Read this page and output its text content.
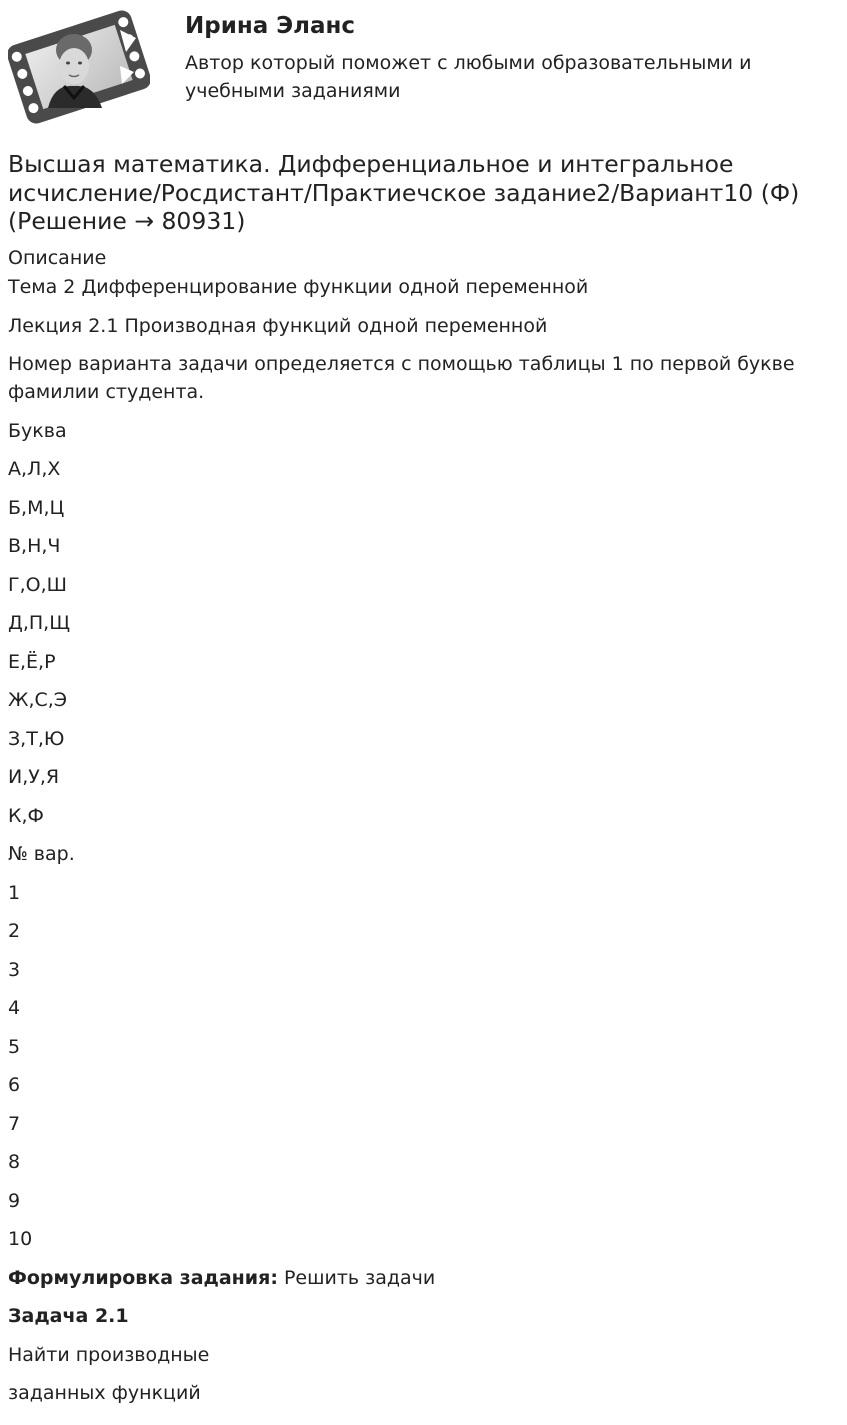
Ирина Эланс
Автор который поможет с любыми образовательными и учебными заданиями
Высшая математика. Дифференциальное и интегральное исчисление/Росдистант/Практиечское задание2/Вариант10 (Ф) (Решение → 80931)
Описание

Тема 2 Дифференцирование функции одной переменной

Лекция 2.1 Производная функций одной переменной

Номер варианта задачи определяется с помощью таблицы 1 по первой букве фамилии студента.

Буква

А,Л,Х

Б,М,Ц

В,Н,Ч

Г,О,Ш

Д,П,Щ

Е,Ё,Р

Ж,С,Э

З,Т,Ю

И,У,Я

К,Ф

№ вар.

1

2

3

4

5

6

7

8

9

10

Формулировка задания: Решить задачи

Задача 2.1

Найти производные

заданных функций
